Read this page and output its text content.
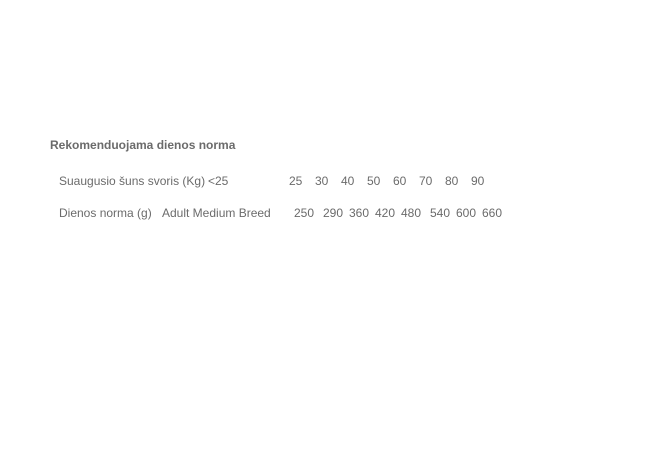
Rekomenduojama dienos norma
Suaugusio šuns svoris (Kg) <25	25 30 40 50 60 70 80 90
Dienos norma (g) Adult Medium Breed 250 290 360 420 480 540 600 660
